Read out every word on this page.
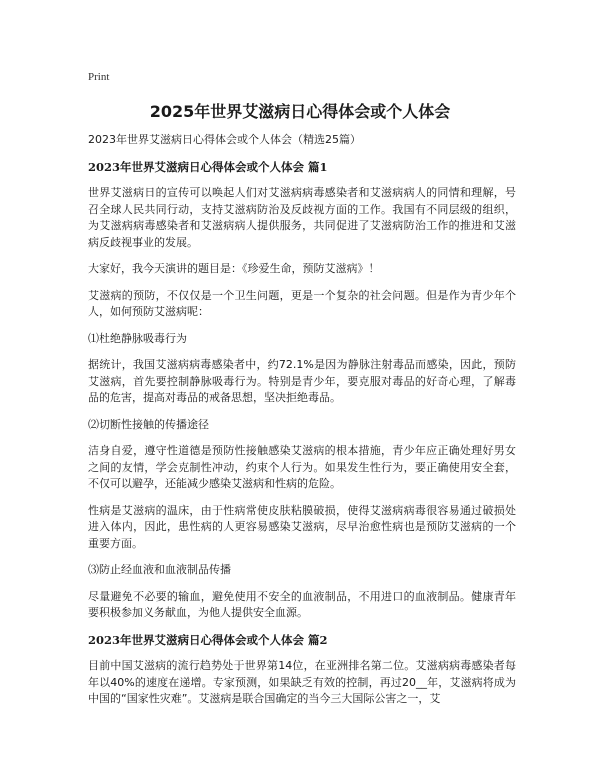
Print
2025年世界艾滋病日心得体会或个人体会
2023年世界艾滋病日心得体会或个人体会（精选25篇）
2023年世界艾滋病日心得体会或个人体会 篇1

世界艾滋病日的宣传可以唤起人们对艾滋病病毒感染者和艾滋病病人的同情和理解，号召全球人民共同行动，支持艾滋病防治及反歧视方面的工作。我国有不同层级的组织，为艾滋病病毒感染者和艾滋病病人提供服务，共同促进了艾滋病防治工作的推进和艾滋病反歧视事业的发展。

大家好，我今天演讲的题目是：《珍爱生命，预防艾滋病》！

艾滋病的预防，不仅仅是一个卫生问题，更是一个复杂的社会问题。但是作为青少年个人，如何预防艾滋病呢：

⑴杜绝静脉吸毒行为

据统计，我国艾滋病病毒感染者中，约72.1%是因为静脉注射毒品而感染，因此，预防艾滋病，首先要控制静脉吸毒行为。特别是青少年，要克服对毒品的好奇心理，了解毒品的危害，提高对毒品的戒备思想，坚决拒绝毒品。

⑵切断性接触的传播途径

洁身自爱，遵守性道德是预防性接触感染艾滋病的根本措施，青少年应正确处理好男女之间的友情，学会克制性冲动，约束个人行为。如果发生性行为，要正确使用安全套，不仅可以避孕，还能减少感染艾滋病和性病的危险。

性病是艾滋病的温床，由于性病常使皮肤粘膜破损，使得艾滋病病毒很容易通过破损处进入体内，因此，患性病的人更容易感染艾滋病，尽早治愈性病也是预防艾滋病的一个重要方面。

⑶防止经血液和血液制品传播

尽量避免不必要的输血，避免使用不安全的血液制品，不用进口的血液制品。健康青年要积极参加义务献血，为他人提供安全血源。

2023年世界艾滋病日心得体会或个人体会 篇2

目前中国艾滋病的流行趋势处于世界第14位，在亚洲排名第二位。艾滋病病毒感染者每年以40%的速度在递增。专家预测，如果缺乏有效的控制，再过20__年，艾滋病将成为中国的“国家性灾难”。艾滋病是联合国确定的当今三大国际公害之一，艾
